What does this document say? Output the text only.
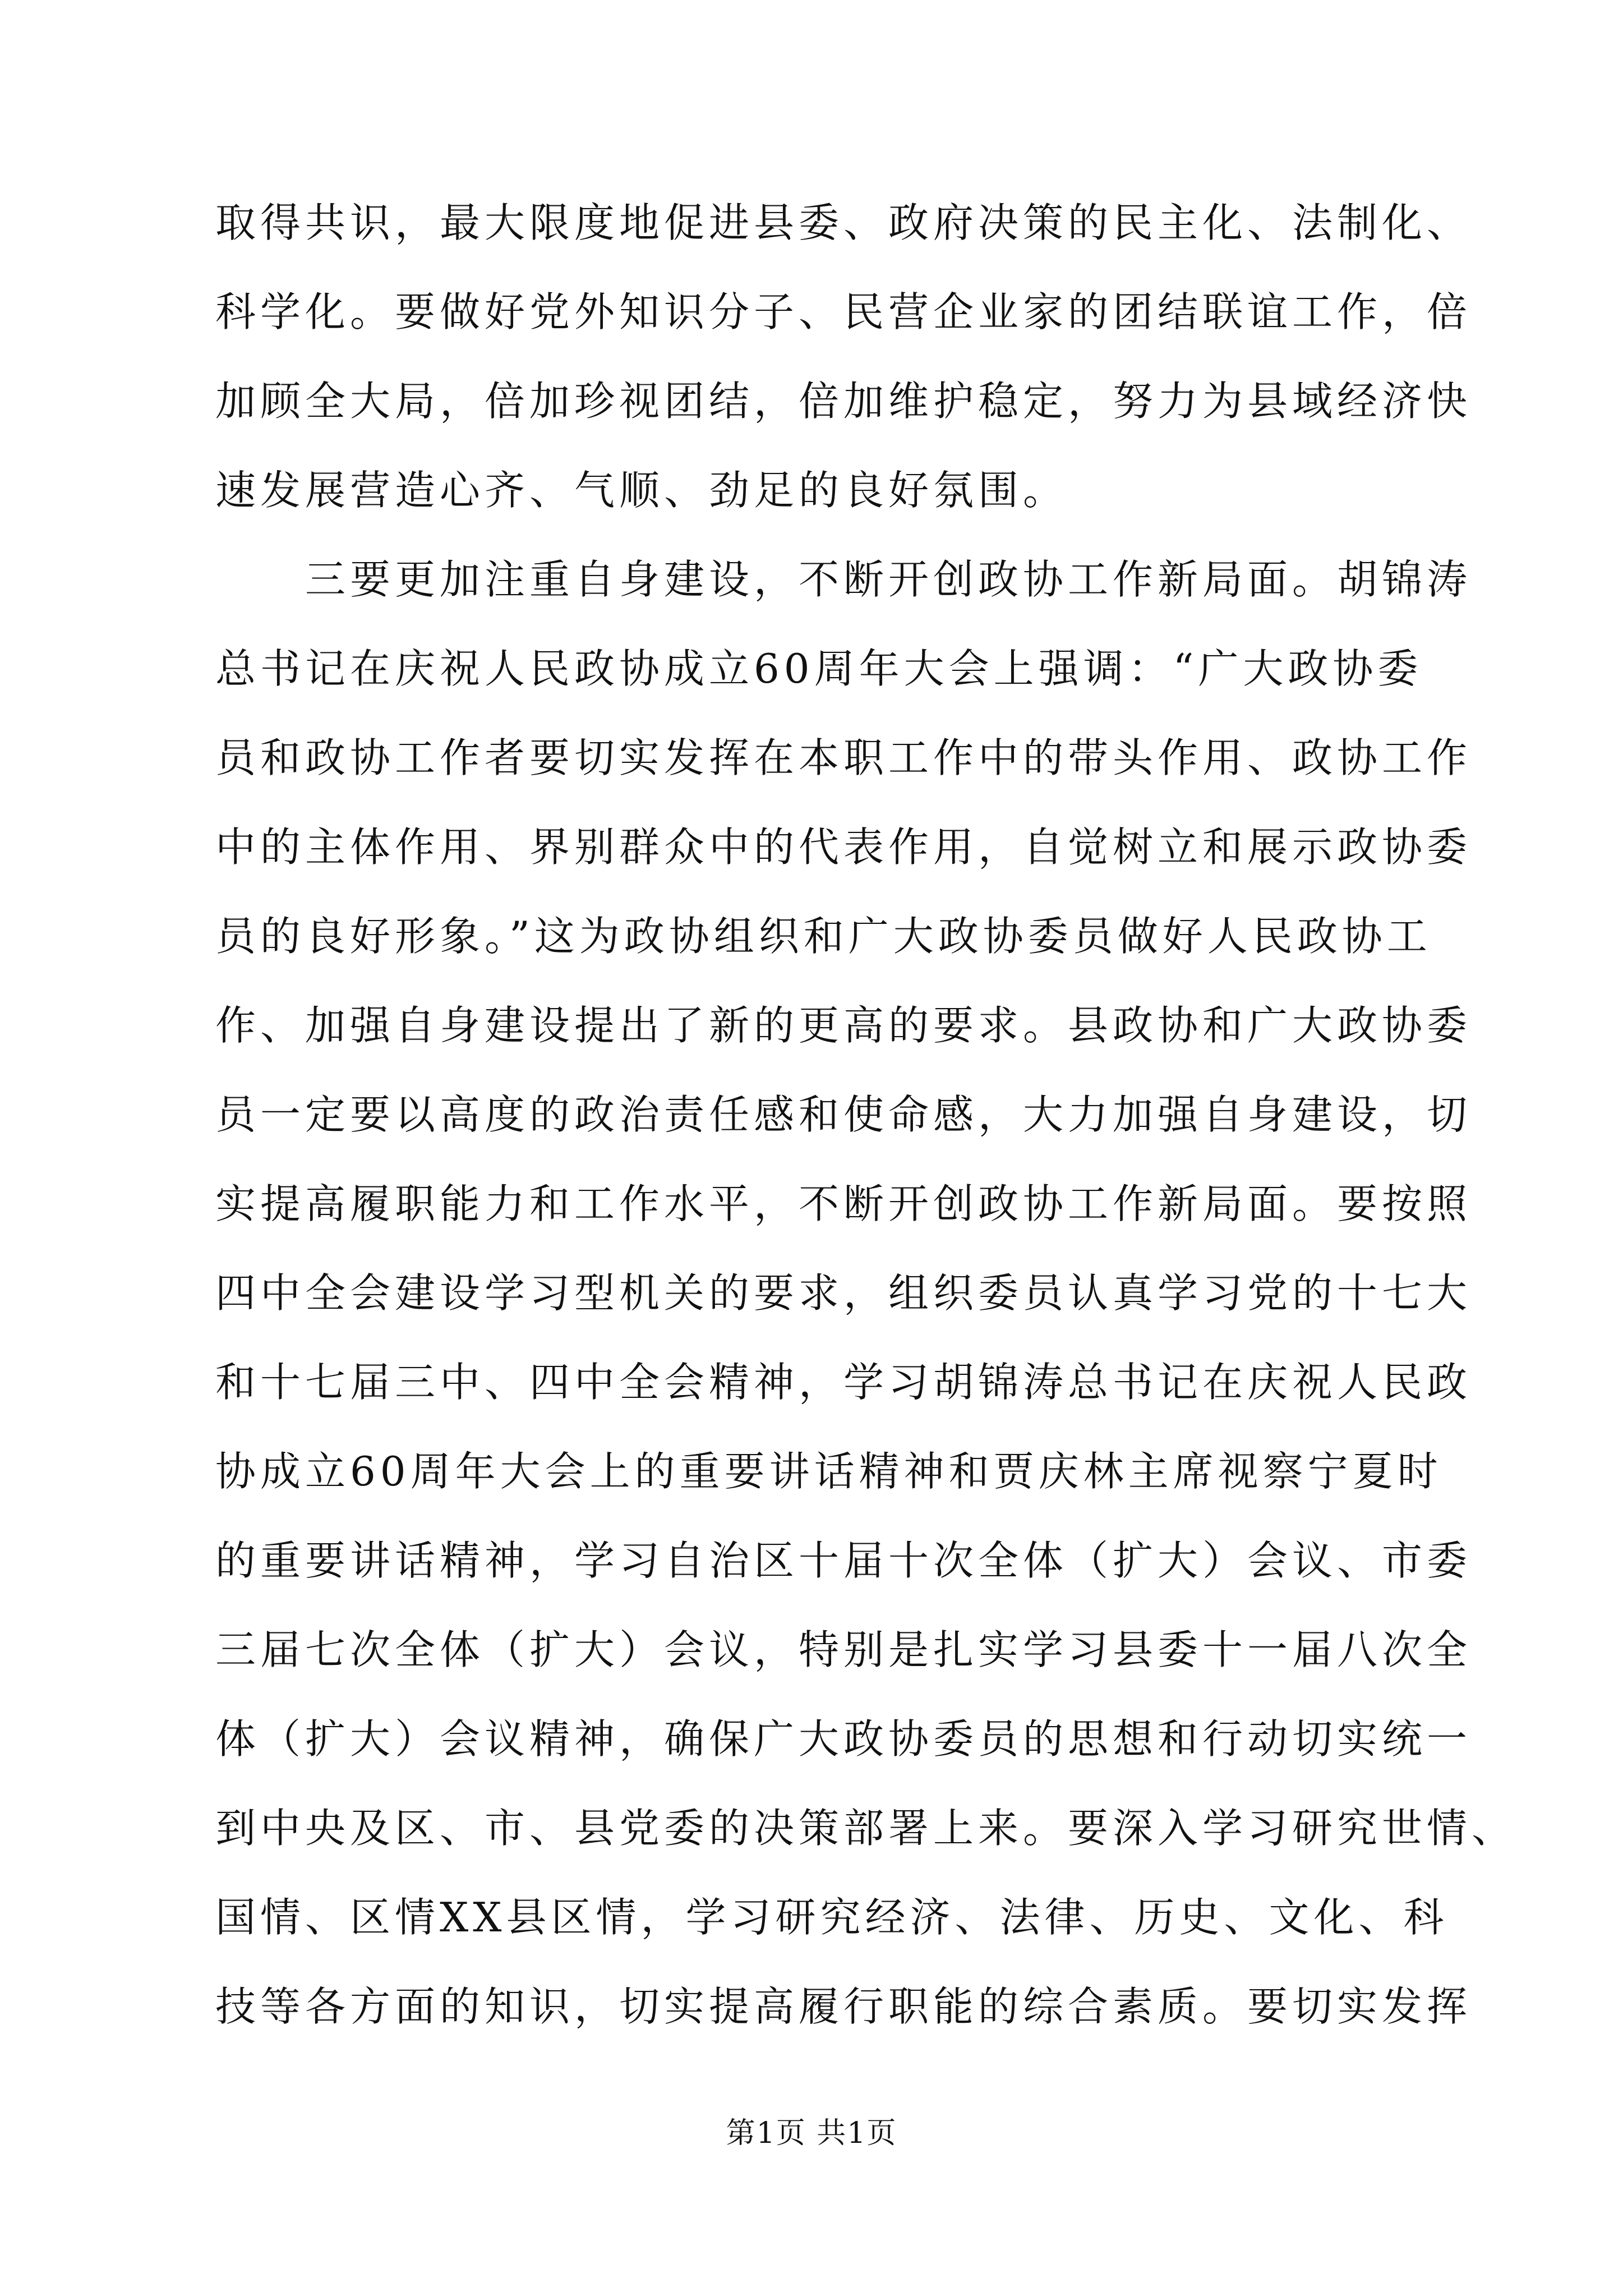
取得共识，最大限度地促进县委、政府决策的民主化、法制化、
科学化。要做好党外知识分子、民营企业家的团结联谊工作，倍
加顾全大局，倍加珍视团结，倍加维护稳定，努力为县域经济快
速发展营造心齐、气顺、劲足的良好氛围。
三要更加注重自身建设，不断开创政协工作新局面。胡锦涛
总书记在庆祝人民政协成立60周年大会上强调：“广大政协委
员和政协工作者要切实发挥在本职工作中的带头作用、政协工作
中的主体作用、界别群众中的代表作用，自觉树立和展示政协委
员的良好形象。”这为政协组织和广大政协委员做好人民政协工
作、加强自身建设提出了新的更高的要求。县政协和广大政协委
员一定要以高度的政治责任感和使命感，大力加强自身建设，切
实提高履职能力和工作水平，不断开创政协工作新局面。要按照
四中全会建设学习型机关的要求，组织委员认真学习党的十七大
和十七届三中、四中全会精神，学习胡锦涛总书记在庆祝人民政
协成立60周年大会上的重要讲话精神和贾庆林主席视察宁夏时
的重要讲话精神，学习自治区十届十次全体（扩大）会议、市委
三届七次全体（扩大）会议，特别是扎实学习县委十一届八次全
体（扩大）会议精神，确保广大政协委员的思想和行动切实统一
到中央及区、市、县党委的决策部署上来。要深入学习研究世情、
国情、区情XX县区情，学习研究经济、法律、历史、文化、科
技等各方面的知识，切实提高履行职能的综合素质。要切实发挥
第1页 共1页
